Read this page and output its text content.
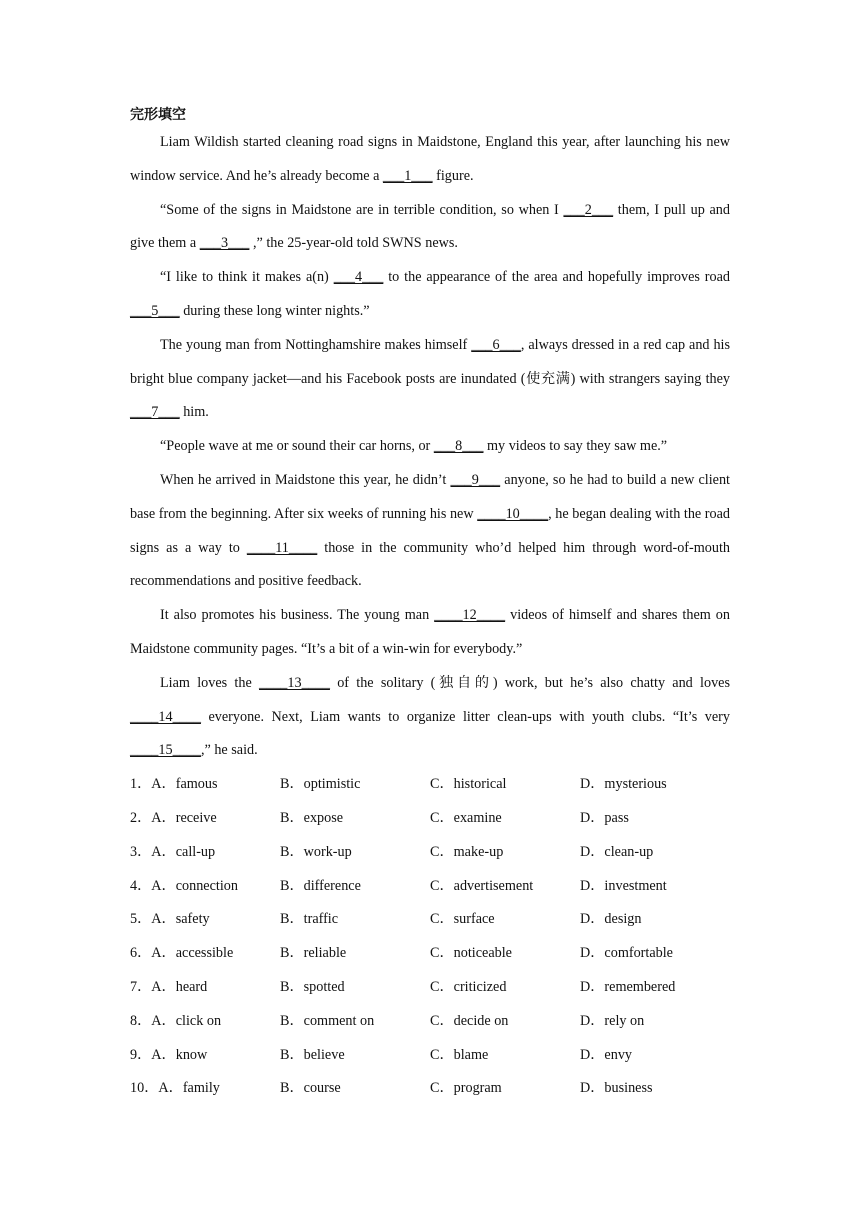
完形填空

Liam Wildish started cleaning road signs in Maidstone, England this year, after launching his new window service. And he’s already become a ___1___ figure.

“Some of the signs in Maidstone are in terrible condition, so when I ___2___ them, I pull up and give them a ___3___ ,” the 25-year-old told SWNS news.

“I like to think it makes a(n) ___4___ to the appearance of the area and hopefully improves road ___5___ during these long winter nights.”

The young man from Nottinghamshire makes himself ___6___, always dressed in a red cap and his bright blue company jacket—and his Facebook posts are inundated (使充满) with strangers saying they ___7___ him.

“People wave at me or sound their car horns, or ___8___ my videos to say they saw me.”

When he arrived in Maidstone this year, he didn’t ___9___ anyone, so he had to build a new client base from the beginning. After six weeks of running his new ____10____, he began dealing with the road signs as a way to ____11____ those in the community who’d helped him through word-of-mouth recommendations and positive feedback.

It also promotes his business. The young man ____12____ videos of himself and shares them on Maidstone community pages. “It’s a bit of a win-win for everybody.”

Liam loves the ____13____ of the solitary (独自的) work, but he’s also chatty and loves ____14____ everyone. Next, Liam wants to organize litter clean-ups with youth clubs. “It’s very ____15____,” he said.

1．A．famous	B．optimistic	C．historical	D．mysterious
2．A．receive	B．expose	C．examine	D．pass
3．A．call-up	B．work-up	C．make-up	D．clean-up
4．A．connection	B．difference	C．advertisement	D．investment
5．A．safety	B．traffic	C．surface	D．design
6．A．accessible	B．reliable	C．noticeable	D．comfortable
7．A．heard	B．spotted	C．criticized	D．remembered
8．A．click on	B．comment on	C．decide on	D．rely on
9．A．know	B．believe	C．blame	D．envy
10．A．family	B．course	C．program	D．business
